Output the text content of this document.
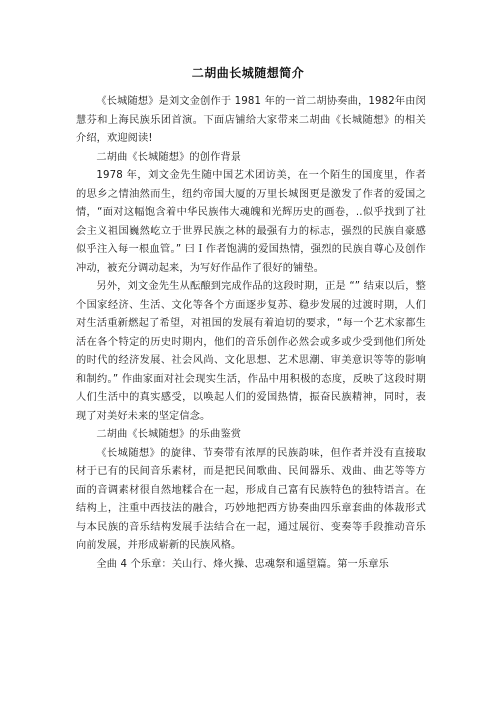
二胡曲长城随想简介

《长城随想》是刘文金创作于 1981 年的一首二胡协奏曲，1982年由闵慧芬和上海民族乐团首演。下面店铺给大家带来二胡曲《长城随想》的相关介绍，欢迎阅读!

二胡曲《长城随想》的创作背景

1978 年，刘文金先生随中国艺术团访美，在一个陌生的国度里，作者的思乡之情油然而生，纽约帝国大厦的万里长城图更是激发了作者的爱国之情，“面对这幅饱含着中华民族伟大魂魄和光辉历史的画卷，..似乎找到了社会主义祖国巍然屹立于世界民族之林的最强有力的标志，强烈的民族自豪感似乎注入每一根血管。” 曰Ｉ作者饱满的爱国热情，强烈的民族自尊心及创作冲动，被充分调动起来，为写好作品作了很好的铺垫。

另外，刘文金先生从酝酿到完成作品的这段时期，正是 “” 结束以后，整个国家经济、生活、文化等各个方面逐步复苏、稳步发展的过渡时期，人们对生活重新燃起了希望，对祖国的发展有着迫切的要求，“每一个艺术家都生活在各个特定的历史时期内，他们的音乐创作必然会或多或少受到他们所处的时代的经济发展、社会风尚、文化思想、艺术思潮、审美意识等等的影响和制约。” 作曲家面对社会现实生活，作品中用积极的态度，反映了这段时期人们生活中的真实感受，以唤起人们的爱国热情，振奋民族精神，同时，表现了对美好未来的坚定信念。

二胡曲《长城随想》的乐曲鉴赏

《长城随想》的旋律、节奏带有浓厚的民族韵味，但作者并没有直接取材于已有的民间音乐素材，而是把民间歌曲、民间器乐、戏曲、曲艺等等方面的音调素材很自然地糅合在一起，形成自己富有民族特色的独特语言。在结构上，注重中西技法的融合，巧妙地把西方协奏曲四乐章套曲的体裁形式与本民族的音乐结构发展手法结合在一起，通过展衍、变奏等手段推动音乐向前发展，并形成崭新的民族风格。

全曲 4 个乐章：关山行、烽火操、忠魂祭和遥望篇。第一乐章乐
